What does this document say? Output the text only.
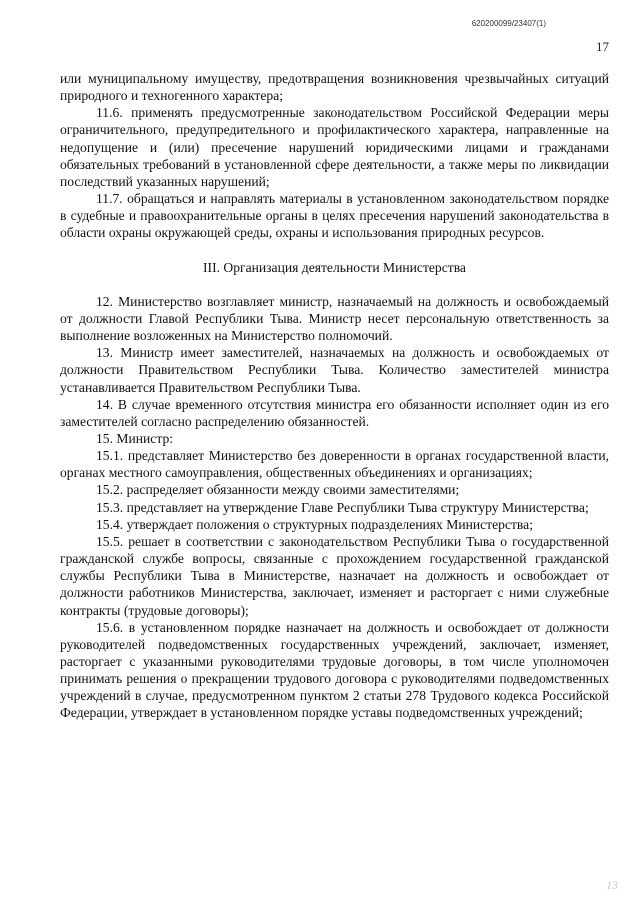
620200099/23407(1)
17

или муниципальному имуществу, предотвращения возникновения чрезвычайных ситуаций природного и техногенного характера;

11.6. применять предусмотренные законодательством Российской Федерации меры ограничительного, предупредительного и профилактического характера, направленные на недопущение и (или) пресечение нарушений юридическими лицами и гражданами обязательных требований в установленной сфере деятельности, а также меры по ликвидации последствий указанных нарушений;

11.7. обращаться и направлять материалы в установленном законодательством порядке в судебные и правоохранительные органы в целях пресечения нарушений законодательства в области охраны окружающей среды, охраны и использования природных ресурсов.

III. Организация деятельности Министерства

12. Министерство возглавляет министр, назначаемый на должность и освобождаемый от должности Главой Республики Тыва. Министр несет персональную ответственность за выполнение возложенных на Министерство полномочий.

13. Министр имеет заместителей, назначаемых на должность и освобождаемых от должности Правительством Республики Тыва. Количество заместителей министра устанавливается Правительством Республики Тыва.

14. В случае временного отсутствия министра его обязанности исполняет один из его заместителей согласно распределению обязанностей.

15. Министр:

15.1. представляет Министерство без доверенности в органах государственной власти, органах местного самоуправления, общественных объединениях и организациях;

15.2. распределяет обязанности между своими заместителями;

15.3. представляет на утверждение Главе Республики Тыва структуру Министерства;

15.4. утверждает положения о структурных подразделениях Министерства;

15.5. решает в соответствии с законодательством Республики Тыва о государственной гражданской службе вопросы, связанные с прохождением государственной гражданской службы Республики Тыва в Министерстве, назначает на должность и освобождает от должности работников Министерства, заключает, изменяет и расторгает с ними служебные контракты (трудовые договоры);

15.6. в установленном порядке назначает на должность и освобождает от должности руководителей подведомственных государственных учреждений, заключает, изменяет, расторгает с указанными руководителями трудовые договоры, в том числе уполномочен принимать решения о прекращении трудового договора с руководителями подведомственных учреждений в случае, предусмотренном пунктом 2 статьи 278 Трудового кодекса Российской Федерации, утверждает в установленном порядке уставы подведомственных учреждений;

13
